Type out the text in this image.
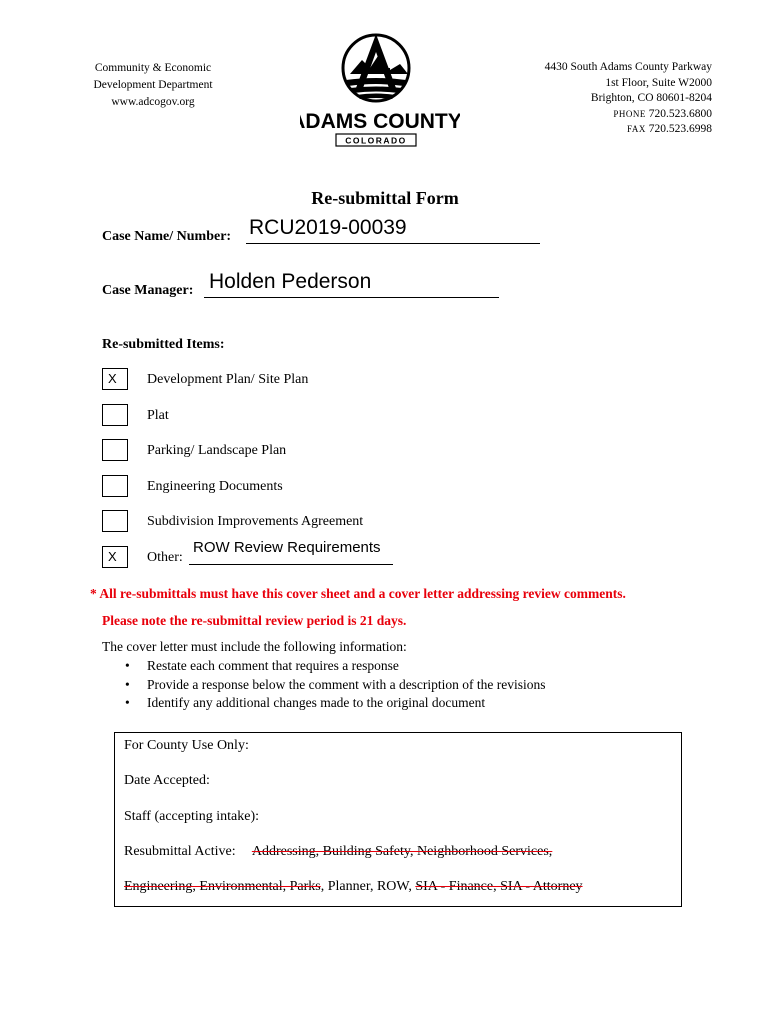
Community & Economic
Development Department
www.adcogov.org
ADAMS COUNTY
COLORADO
4430 South Adams County Parkway
1st Floor, Suite W2000
Brighton, CO 80601-8204
PHONE 720.523.6800
FAX 720.523.6998
Re-submittal Form
Case Name/ Number: RCU2019-00039
Case Manager: Holden Pederson
Re-submitted Items:
X	Development Plan/ Site Plan
Plat
Parking/ Landscape Plan
Engineering Documents
Subdivision Improvements Agreement
X	Other:
ROW Review Requirements
* All re-submittals must have this cover sheet and a cover letter addressing review comments.
Please note the re-submittal review period is 21 days.
The cover letter must include the following information:
• Restate each comment that requires a response
• Provide a response below the comment with a description of the revisions
• Identify any additional changes made to the original document
For County Use Only:
Date Accepted:
Staff (accepting intake):
Resubmittal Active: Addressing, Building Safety, Neighborhood Services,
Engineering, Environmental, Parks, Planner, ROW, SIA - Finance, SIA - Attorney
